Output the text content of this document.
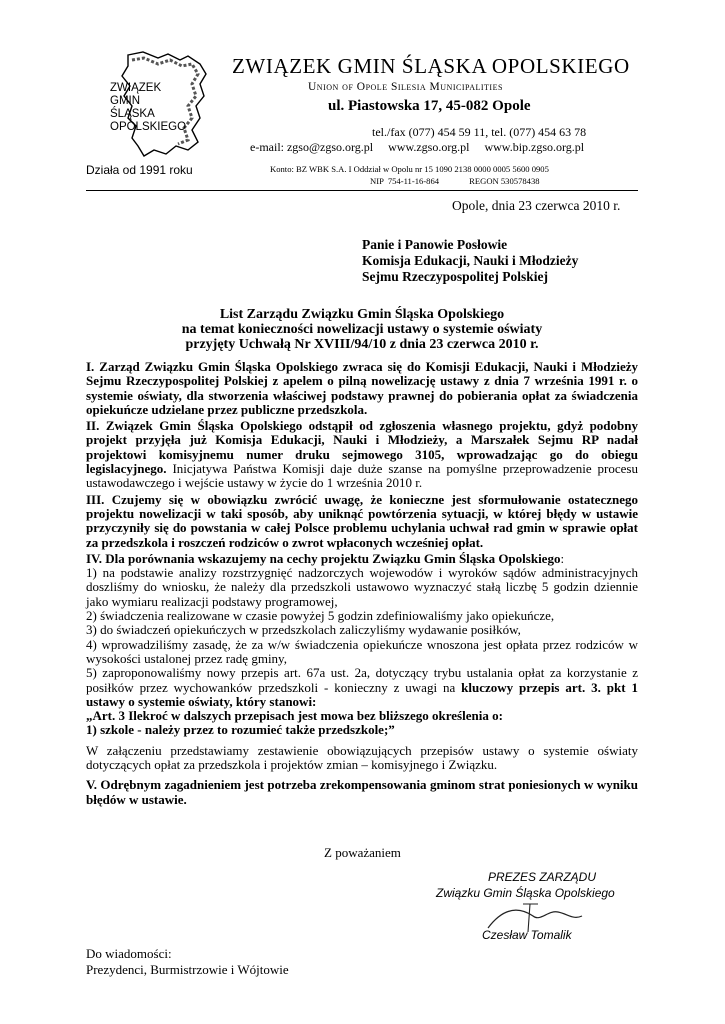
ZWIĄZEK
GMIN
ŚLĄSKA
OPOLSKIEGO
Działa od 1991 roku
ZWIĄZEK GMIN ŚLĄSKA OPOLSKIEGO
Union of Opole Silesia Municipalities
ul. Piastowska 17, 45-082 Opole
tel./fax (077) 454 59 11, tel. (077) 454 63 78
e-mail: zgso@zgso.org.pl     www.zgso.org.pl     www.bip.zgso.org.pl
Konto: BZ WBK S.A. I Oddział w Opolu nr 15 1090 2138 0000 0005 5600 0905
NIP  754-11-16-864              REGON 530578438
Opole, dnia 23 czerwca 2010 r.
Panie i Panowie Posłowie
Komisja Edukacji, Nauki i Młodzieży
Sejmu Rzeczypospolitej Polskiej
List Zarządu Związku Gmin Śląska Opolskiego
na temat konieczności nowelizacji ustawy o systemie oświaty
przyjęty Uchwałą Nr XVIII/94/10 z dnia 23 czerwca 2010 r.

I. Zarząd Związku Gmin Śląska Opolskiego zwraca się do Komisji Edukacji, Nauki i Młodzieży Sejmu Rzeczypospolitej Polskiej z apelem o pilną nowelizację ustawy z dnia 7 września 1991 r. o systemie oświaty, dla stworzenia właściwej podstawy prawnej do pobierania opłat za świadczenia opiekuńcze udzielane przez publiczne przedszkola.

II. Związek Gmin Śląska Opolskiego odstąpił od zgłoszenia własnego projektu, gdyż podobny projekt przyjęła już Komisja Edukacji, Nauki i Młodzieży, a Marszałek Sejmu RP nadał projektowi komisyjnemu numer druku sejmowego 3105, wprowadzając go do obiegu legislacyjnego. Inicjatywa Państwa Komisji daje duże szanse na pomyślne przeprowadzenie procesu ustawodawczego i wejście ustawy w życie do 1 września 2010 r.

III. Czujemy się w obowiązku zwrócić uwagę, że konieczne jest sformułowanie ostatecznego projektu nowelizacji w taki sposób, aby uniknąć powtórzenia sytuacji, w której błędy w ustawie przyczyniły się do powstania w całej Polsce problemu uchylania uchwał rad gmin w sprawie opłat za przedszkola i roszczeń rodziców o zwrot wpłaconych wcześniej opłat.

IV. Dla porównania wskazujemy na cechy projektu Związku Gmin Śląska Opolskiego:

1) na podstawie analizy rozstrzygnięć nadzorczych wojewodów i wyroków sądów administracyjnych doszliśmy do wniosku, że należy dla przedszkoli ustawowo wyznaczyć stałą liczbę 5 godzin dziennie jako wymiaru realizacji podstawy programowej,

2) świadczenia realizowane w czasie powyżej 5 godzin zdefiniowaliśmy jako opiekuńcze,

3) do świadczeń opiekuńczych w przedszkolach zaliczyliśmy wydawanie posiłków,

4) wprowadziliśmy zasadę, że za w/w świadczenia opiekuńcze wnoszona jest opłata przez rodziców w wysokości ustalonej przez radę gminy,

5) zaproponowaliśmy nowy przepis art. 67a ust. 2a, dotyczący trybu ustalania opłat za korzystanie z posiłków przez wychowanków przedszkoli - konieczny z uwagi na kluczowy przepis art. 3. pkt 1 ustawy o systemie oświaty, który stanowi:

„Art. 3 Ilekroć w dalszych przepisach jest mowa bez bliższego określenia o:

1) szkole - należy przez to rozumieć także przedszkole;”

W załączeniu przedstawiamy zestawienie obowiązujących przepisów ustawy o systemie oświaty dotyczących opłat za przedszkola i projektów zmian – komisyjnego i Związku.

V. Odrębnym zagadnieniem jest potrzeba zrekompensowania gminom strat poniesionych w wyniku błędów w ustawie.

Z poważaniem
PREZES ZARZĄDU
Związku Gmin Śląska Opolskiego
Czesław Tomalik
Do wiadomości:
Prezydenci, Burmistrzowie i Wójtowie
